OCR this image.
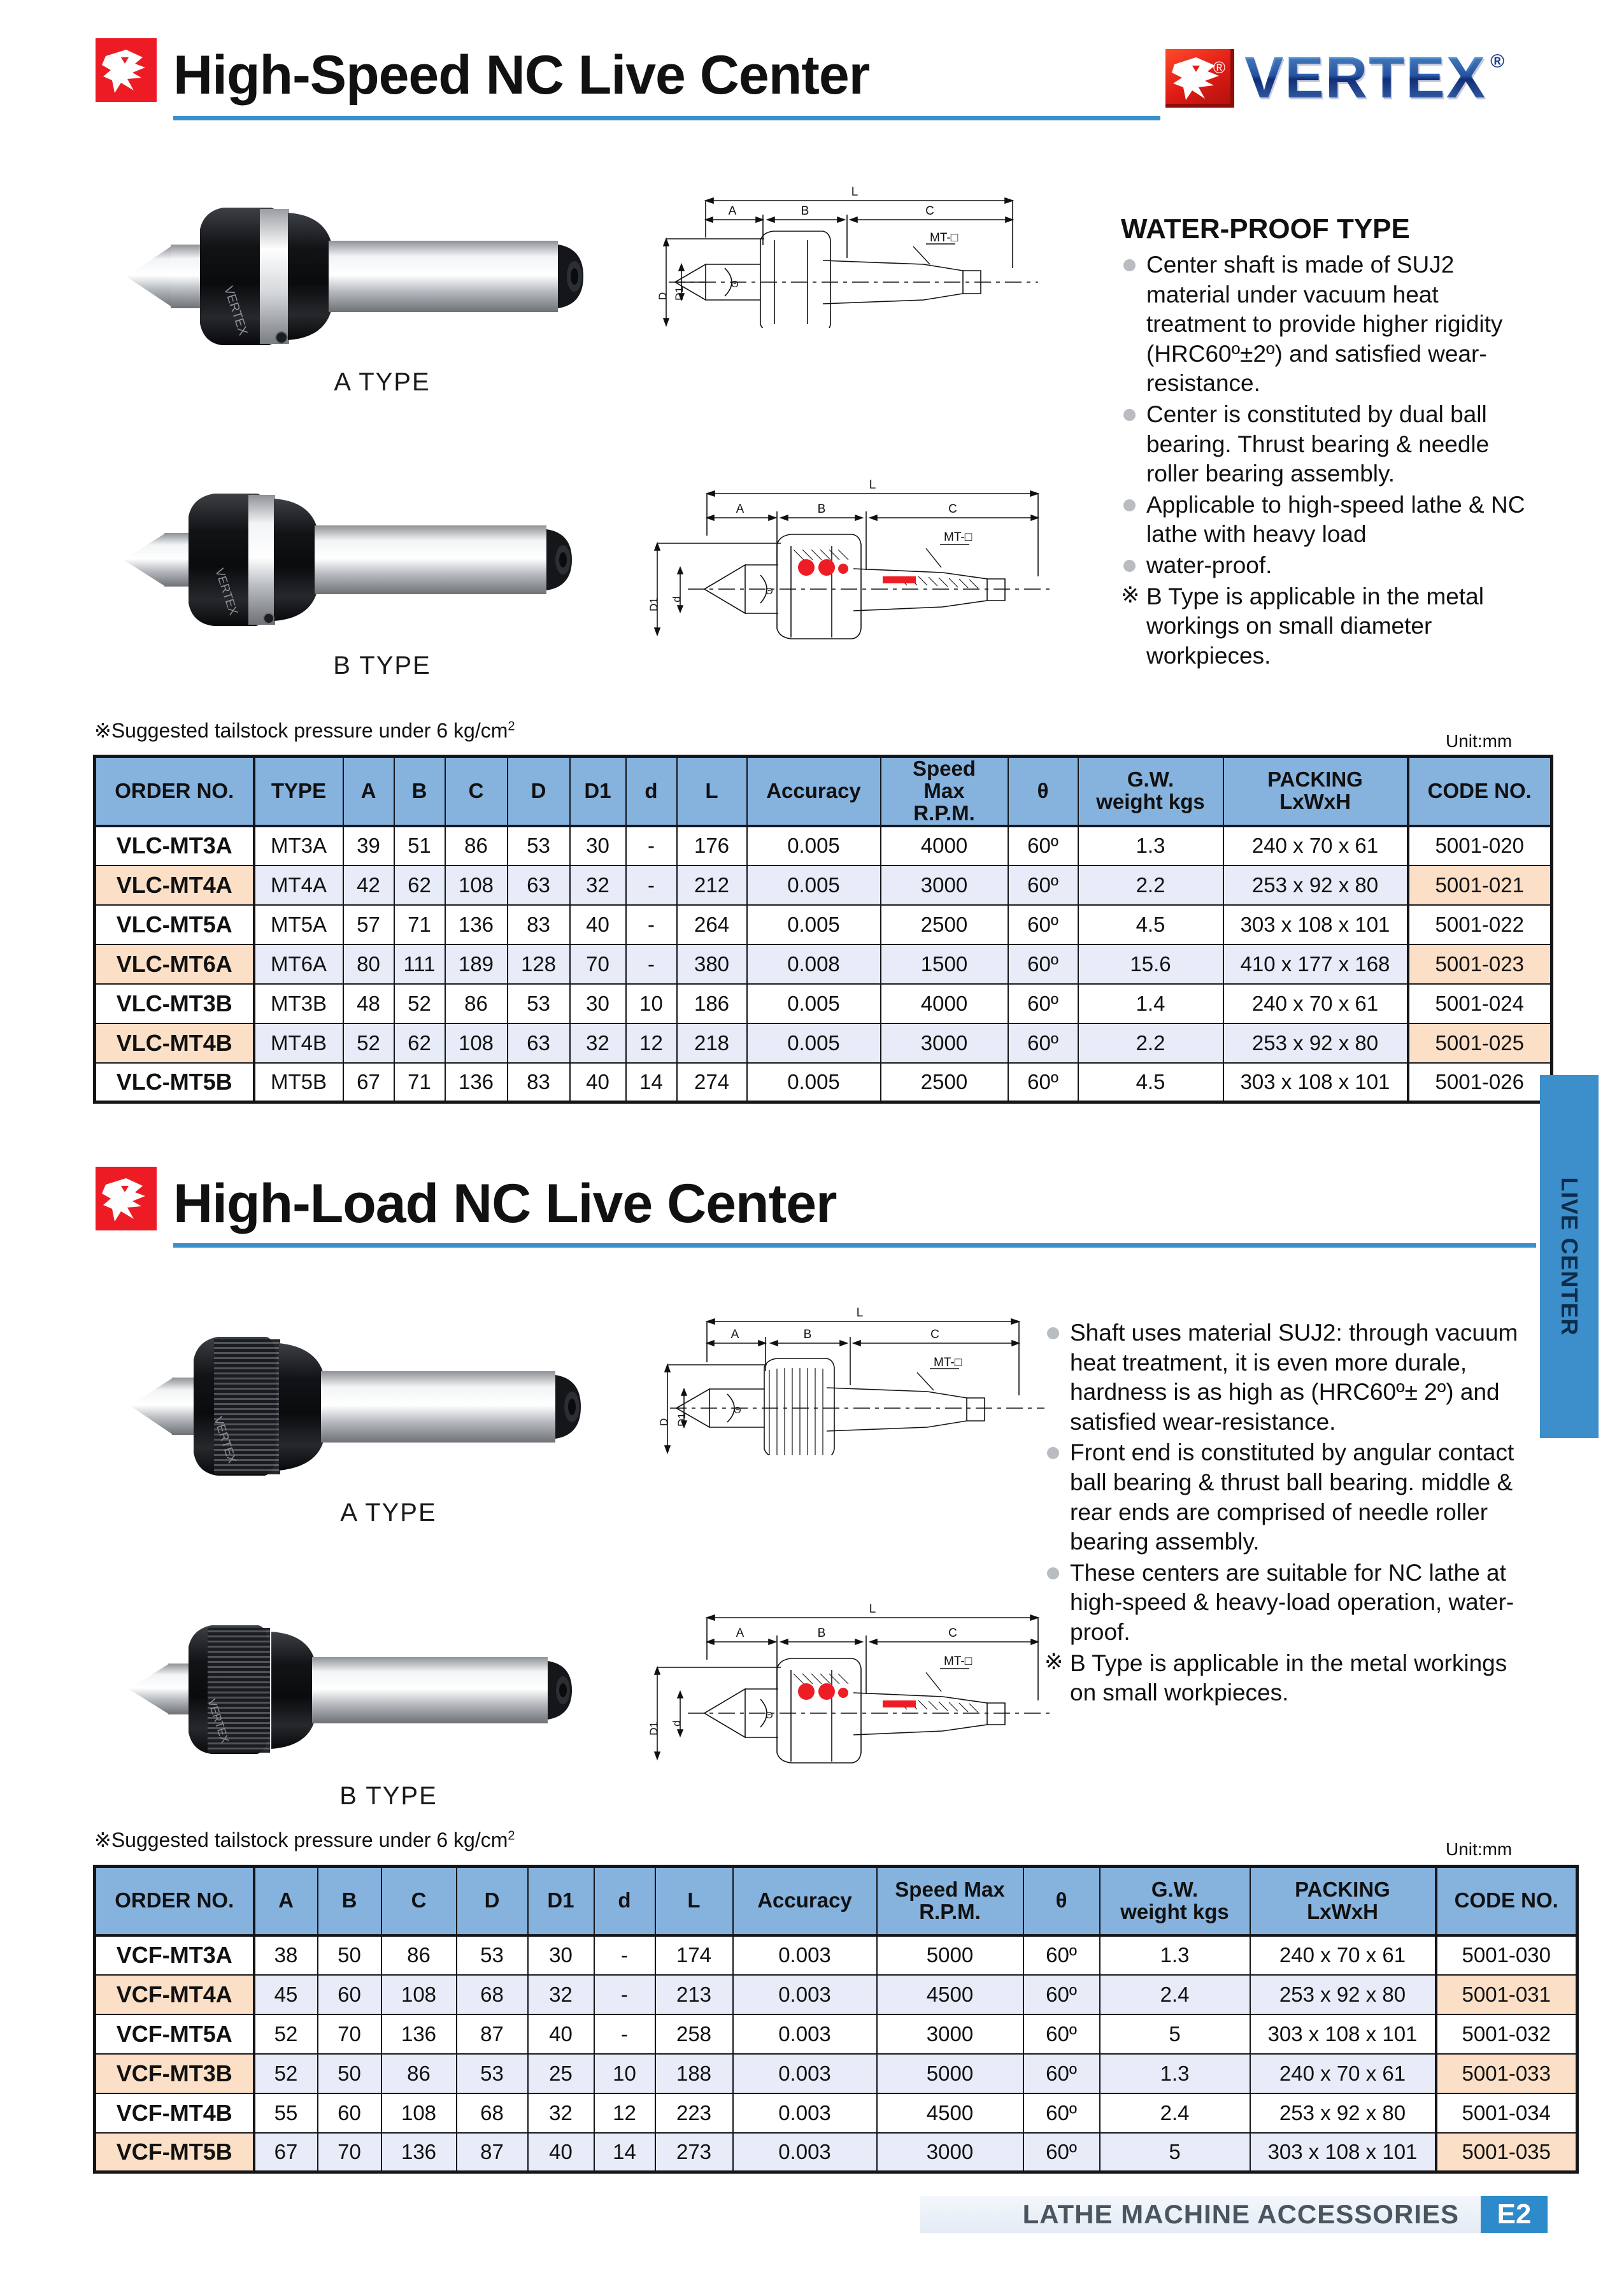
High-Speed NC Live Center	® VERTEX ®
VERTEX
A TYPE
L
A	B	C
MT-□
D D1
Θ
WATER-PROOF TYPE
Center shaft is made of SUJ2 material under vacuum heat treatment to provide higher rigidity (HRC60º±2º) and satisfied wear-resistance.
Center is constituted by dual ball bearing. Thrust bearing & needle roller bearing assembly.
Applicable to high-speed lathe & NC lathe with heavy load
water-proof.
※ B Type is applicable in the metal workings on small diameter workpieces.
VERTEX
B TYPE
L
A	B	C
MT-□
D1 d
Θ
※Suggested tailstock pressure under 6 $kg/cm^2$
Unit:mm
ORDER NO.	TYPE	A	B	C	D	D1	d	L	Accuracy	Speed
Max
R.P.M.	θ	G.W.
weight kgs	PACKING
LxWxH	CODE NO.
VLC-MT3A	MT3A	39	51	86	53	30	-	176	0.005	4000	60º	1.3	240 x 70 x 61	5001-020
VLC-MT4A	MT4A	42	62	108	63	32	-	212	0.005	3000	60º	2.2	253 x 92 x 80	5001-021
VLC-MT5A	MT5A	57	71	136	83	40	-	264	0.005	2500	60º	4.5	303 x 108 x 101	5001-022
VLC-MT6A	MT6A	80	111	189	128	70	-	380	0.008	1500	60º	15.6	410 x 177 x 168	5001-023
VLC-MT3B	MT3B	48	52	86	53	30	10	186	0.005	4000	60º	1.4	240 x 70 x 61	5001-024
VLC-MT4B	MT4B	52	62	108	63	32	12	218	0.005	3000	60º	2.2	253 x 92 x 80	5001-025
VLC-MT5B	MT5B	67	71	136	83	40	14	274	0.005	2500	60º	4.5	303 x 108 x 101	5001-026
High-Load NC Live Center
VERTEX
A TYPE
L
A	B	C
MT-□
D D1
Θ
Shaft uses material SUJ2: through vacuum heat treatment, it is even more durale, hardness is as high as (HRC60º± 2º) and satisfied wear-resistance.
Front end is constituted by angular contact ball bearing & thrust ball bearing. middle & rear ends are comprised of needle roller bearing assembly.
These centers are suitable for NC lathe at high-speed & heavy-load operation, water-proof.
※ B Type is applicable in the metal workings on small workpieces.
VERTEX
B TYPE
L
A	B	C
MT-□
D1 d
Θ
※Suggested tailstock pressure under 6 $kg/cm^2$
Unit:mm
ORDER NO.	A	B	C	D	D1	d	L	Accuracy	Speed Max
R.P.M.	θ	G.W.
weight kgs	PACKING
LxWxH	CODE NO.
VCF-MT3A	38	50	86	53	30	-	174	0.003	5000	60º	1.3	240 x 70 x 61	5001-030
VCF-MT4A	45	60	108	68	32	-	213	0.003	4500	60º	2.4	253 x 92 x 80	5001-031
VCF-MT5A	52	70	136	87	40	-	258	0.003	3000	60º	5	303 x 108 x 101	5001-032
VCF-MT3B	52	50	86	53	25	10	188	0.003	5000	60º	1.3	240 x 70 x 61	5001-033
VCF-MT4B	55	60	108	68	32	12	223	0.003	4500	60º	2.4	253 x 92 x 80	5001-034
VCF-MT5B	67	70	136	87	40	14	273	0.003	3000	60º	5	303 x 108 x 101	5001-035
LIVE CENTER
LATHE MACHINE ACCESSORIES	E2
